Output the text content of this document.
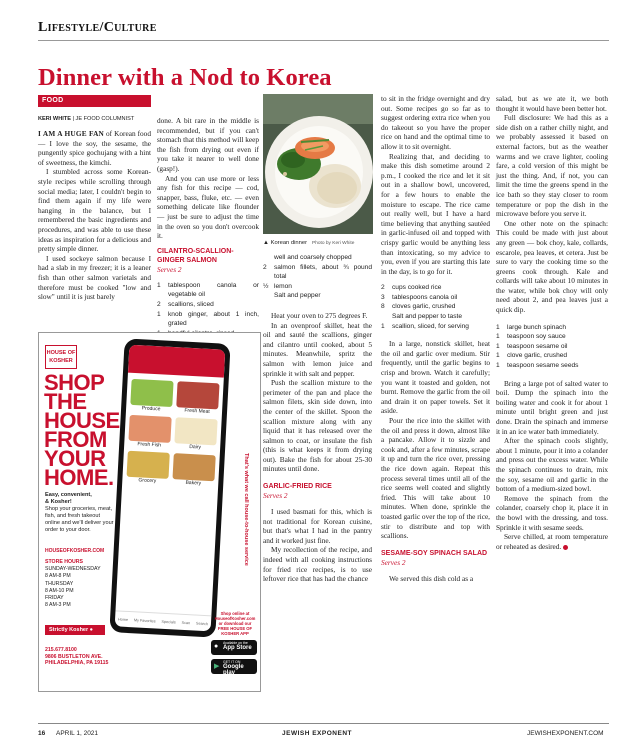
Lifestyle/Culture
Dinner with a Nod to Korea
FOOD
KERI WHITE | JE FOOD COLUMNIST

I AM A HUGE FAN of Korean food — I love the soy, the sesame, the pungently spice gochujang with a hint of sweetness, the kimchi.

I stumbled across some Korean-style recipes while scrolling through social media; later, I couldn't begin to find them again if my life were hanging in the balance, but I remembered the basic ingredients and procedures, and was able to use these ideas as inspiration for a delicious and pretty simple dinner.

I used sockeye salmon because I had a slab in my freezer; it is a leaner fish than other salmon varietals and therefore must be cooked "low and slow" until it is just barely

done. A bit rare in the middle is recommended, but if you can't stomach that this method will keep the fish from drying out even if you take it nearer to well done (gasp!).

And you can use more or less any fish for this recipe — cod, snapper, bass, fluke, etc. — even something delicate like flounder — just be sure to adjust the time in the oven so you don't overcook it.

CILANTRO-SCALLION-GINGER SALMON
Serves 2
1	tablespoon canola or vegetable oil
2	scallions, sliced
1	knob ginger, about 1 inch, grated
▲ Korean dinner Photo by Keri White
well and coarsely chopped
2	salmon fillets, about ¾ pound total
½ lemon
Salt and pepper

Heat your oven to 275 degrees F.

In an ovenproof skillet, heat the oil and sauté the scallions, ginger and cilantro until cooked, about 5 minutes. Meanwhile, spritz the salmon with lemon juice and sprinkle it with salt and pepper.

Push the scallion mixture to the perimeter of the pan and place the salmon filets, skin side down, into the center of the skillet. Spoon the scallion mixture along with any liquid that it has released over the salmon to coat, or insulate the fish (this is what keeps it from drying out). Bake the fish for about 25-30 minutes until done.

GARLIC-FRIED RICE
Serves 2

I used basmati for this, which is not traditional for Korean cuisine, but that's what I had in the pantry and it worked just fine.

My recollection of the recipe, and indeed with all cooking instructions for fried rice recipes, is to use leftover rice that has had the chance

to sit in the fridge overnight and dry out. Some recipes go so far as to suggest ordering extra rice when you do takeout so you have the proper rice on hand and the optimal time to allow it to sit overnight.

Realizing that, and deciding to make this dish sometime around 2 p.m., I cooked the rice and let it sit out in a shallow bowl, uncovered, for a few hours to enable the moisture to escape. The rice came out really well, but I have a hard time believing that anything sautéed in garlic-infused oil and topped with crispy garlic would be anything less than intoxicating, so my advice to you, even if you are starting this late in the day, is to go for it.

2	cups cooked rice
3	tablespoons canola oil
8	cloves garlic, crushed
Salt and pepper to taste
1	scallion, sliced, for serving

In a large, nonstick skillet, heat the oil and garlic over medium. Stir frequently, until the garlic begins to crisp and brown. Watch it carefully; you want it toasted and golden, not burnt. Remove the garlic from the oil and drain it on paper towels. Set it aside.

Pour the rice into the skillet with the oil and press it down, almost like a pancake. Allow it to sizzle and cook and, after a few minutes, scrape it up and turn the rice over, pressing the rice down again. Repeat this process several times until all of the rice seems well coated and slightly fried. This will take about 10 minutes. When done, sprinkle the toasted garlic over the top of the rice, stir to distribute and top with scallions.

SESAME-SOY SPINACH SALAD
Serves 2

We served this dish cold as a

salad, but as we ate it, we both thought it would have been better hot.

Full disclosure: We had this as a side dish on a rather chilly night, and we probably assessed it based on external factors, but as the weather warms and we crave lighter, cooling fare, a cold version of this might be just the thing. And, if not, you can limit the time the greens spend in the ice bath so they stay closer to room temperature or pop the dish in the microwave before you serve it.

One other note on the spinach: This could be made with just about any green — bok choy, kale, collards, escarole, pea leaves, et cetera. Just be sure to vary the cooking time so the greens cook through. Kale and collards will take about 10 minutes in the water, while bok choy will only need about 2, and pea leaves just a quick dip.

1	large bunch spinach
1	teaspoon soy sauce
1	teaspoon sesame oil
1	clove garlic, crushed
1	teaspoon sesame seeds

Bring a large pot of salted water to boil. Dump the spinach into the boiling water and cook it for about 1 minute until bright green and just done. Drain the spinach and immerse it in an ice water bath immediately.

After the spinach cools slightly, about 1 minute, pour it into a colander and press out the excess water. While the spinach continues to drain, mix the soy, sesame oil and garlic in the bottom of a medium-sized bowl.

Remove the spinach from the colander, coarsely chop it, place it in the bowl with the dressing, and toss. Sprinkle it with sesame seeds.

Serve chilled, at room temperature or reheated as desired.

HOUSE OF
KOSHER
SHOP
THE
HOUSE
FROM
YOUR
HOME.
Easy, convenient,
& Kosher!
Shop your groceries, meat, fish, and fresh takeout online and we'll deliver your order to your door.
HOUSEOFKOSHER.COM
STORE HOURS
SUNDAY-WEDNESDAY
8 AM-8 PM
THURSDAY
8 AM-10 PM
FRIDAY
8 AM-3 PM
Strictly Kosher ●
215.677.8100
9806 BUSTLETON AVE.
PHILADELPHIA, PA 19115
Produce	Fresh Meat
Fresh Fish	Dairy
Grocery	Bakery
Home My Favorites Specials Scan Search
That's what we call house-to-house service
Shop online at HouseofKosher.com or download our FREE HOUSE OF KOSHER APP
● Available on the
App Store
▶
GET IT ON
Google play
16 APRIL 1, 2021	JEWISH EXPONENT	JEWISHEXPONENT.COM
